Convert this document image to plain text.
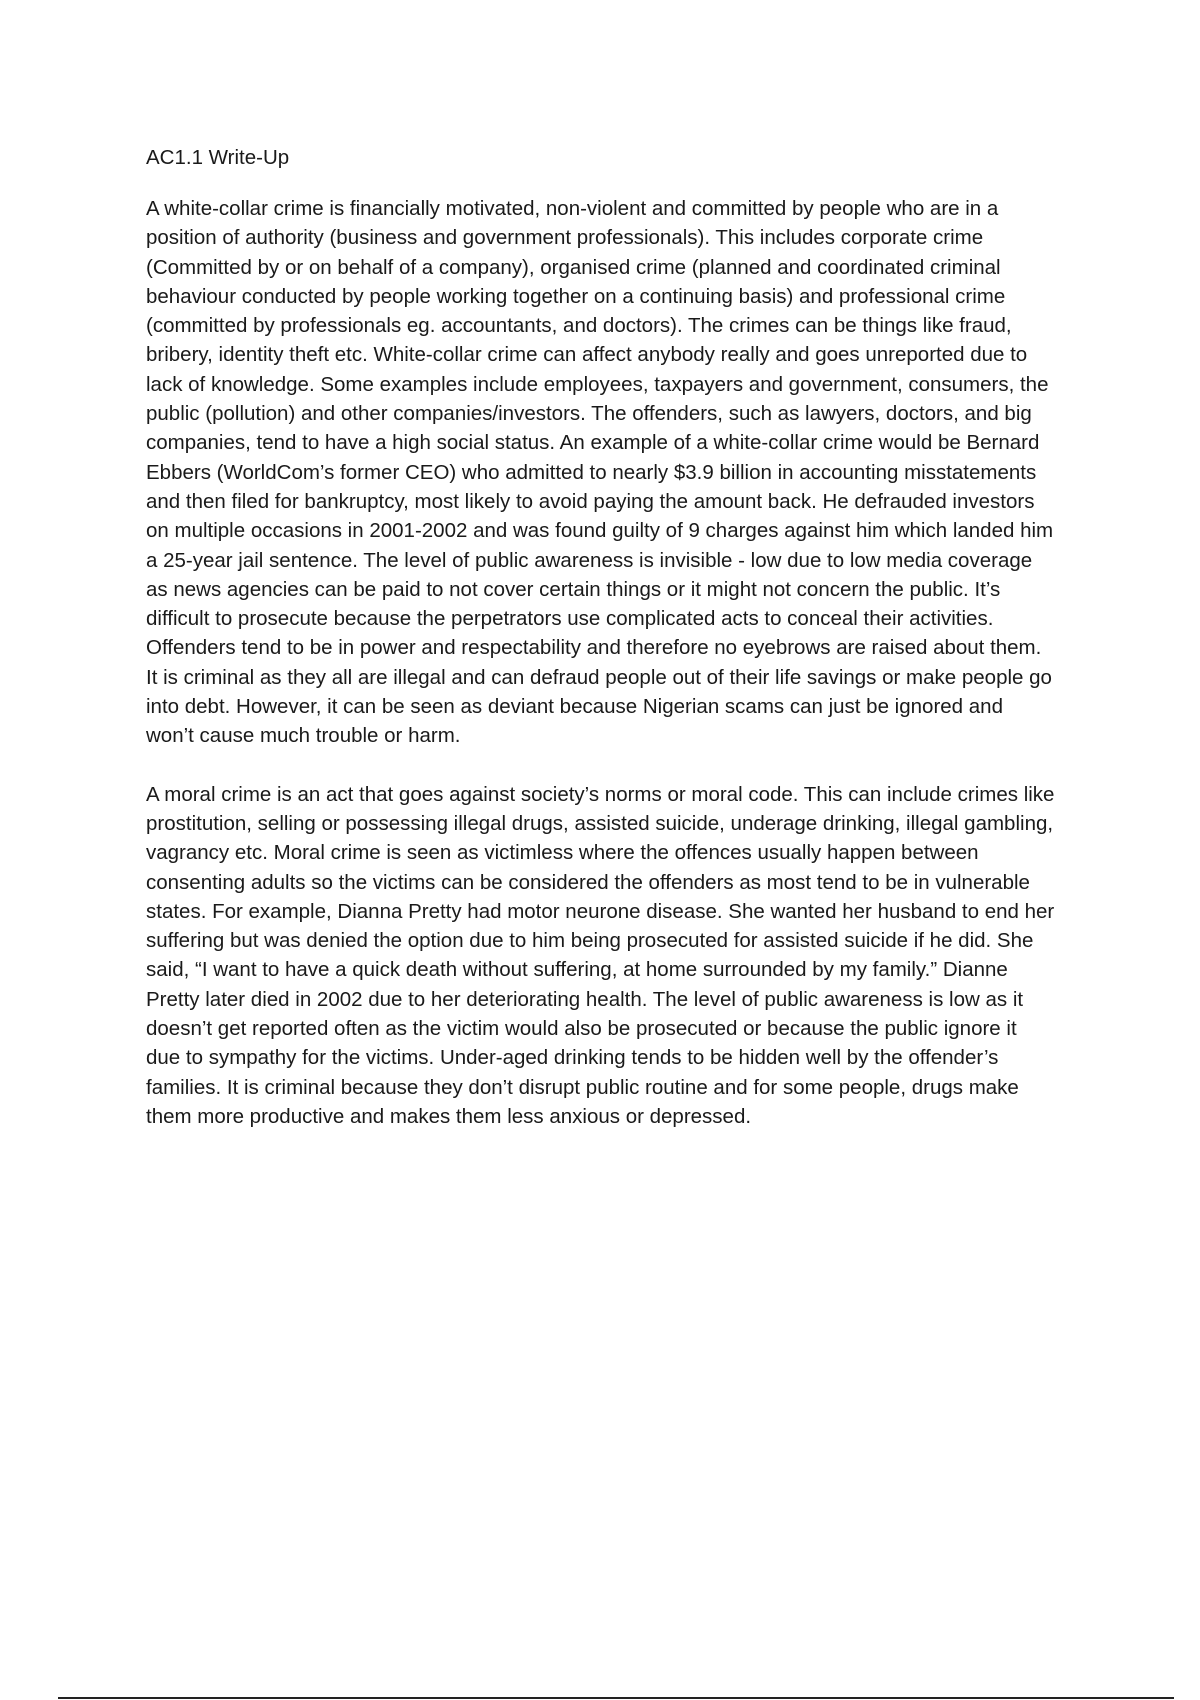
AC1.1 Write-Up

A white-collar crime is financially motivated, non-violent and committed by people who are in a position of authority (business and government professionals). This includes corporate crime (Committed by or on behalf of a company), organised crime (planned and coordinated criminal behaviour conducted by people working together on a continuing basis) and professional crime (committed by professionals eg. accountants, and doctors). The crimes can be things like fraud, bribery, identity theft etc. White-collar crime can affect anybody really and goes unreported due to lack of knowledge. Some examples include employees, taxpayers and government, consumers, the public (pollution) and other companies/investors. The offenders, such as lawyers, doctors, and big companies, tend to have a high social status. An example of a white-collar crime would be Bernard Ebbers (WorldCom’s former CEO) who admitted to nearly $3.9 billion in accounting misstatements and then filed for bankruptcy, most likely to avoid paying the amount back. He defrauded investors on multiple occasions in 2001-2002 and was found guilty of 9 charges against him which landed him a 25-year jail sentence. The level of public awareness is invisible - low due to low media coverage as news agencies can be paid to not cover certain things or it might not concern the public. It’s difficult to prosecute because the perpetrators use complicated acts to conceal their activities. Offenders tend to be in power and respectability and therefore no eyebrows are raised about them. It is criminal as they all are illegal and can defraud people out of their life savings or make people go into debt. However, it can be seen as deviant because Nigerian scams can just be ignored and won’t cause much trouble or harm.

A moral crime is an act that goes against society’s norms or moral code. This can include crimes like prostitution, selling or possessing illegal drugs, assisted suicide, underage drinking, illegal gambling, vagrancy etc. Moral crime is seen as victimless where the offences usually happen between consenting adults so the victims can be considered the offenders as most tend to be in vulnerable states. For example, Dianna Pretty had motor neurone disease. She wanted her husband to end her suffering but was denied the option due to him being prosecuted for assisted suicide if he did. She said, “I want to have a quick death without suffering, at home surrounded by my family.” Dianne Pretty later died in 2002 due to her deteriorating health. The level of public awareness is low as it doesn’t get reported often as the victim would also be prosecuted or because the public ignore it due to sympathy for the victims. Under-aged drinking tends to be hidden well by the offender’s families. It is criminal because they don’t disrupt public routine and for some people, drugs make them more productive and makes them less anxious or depressed.
